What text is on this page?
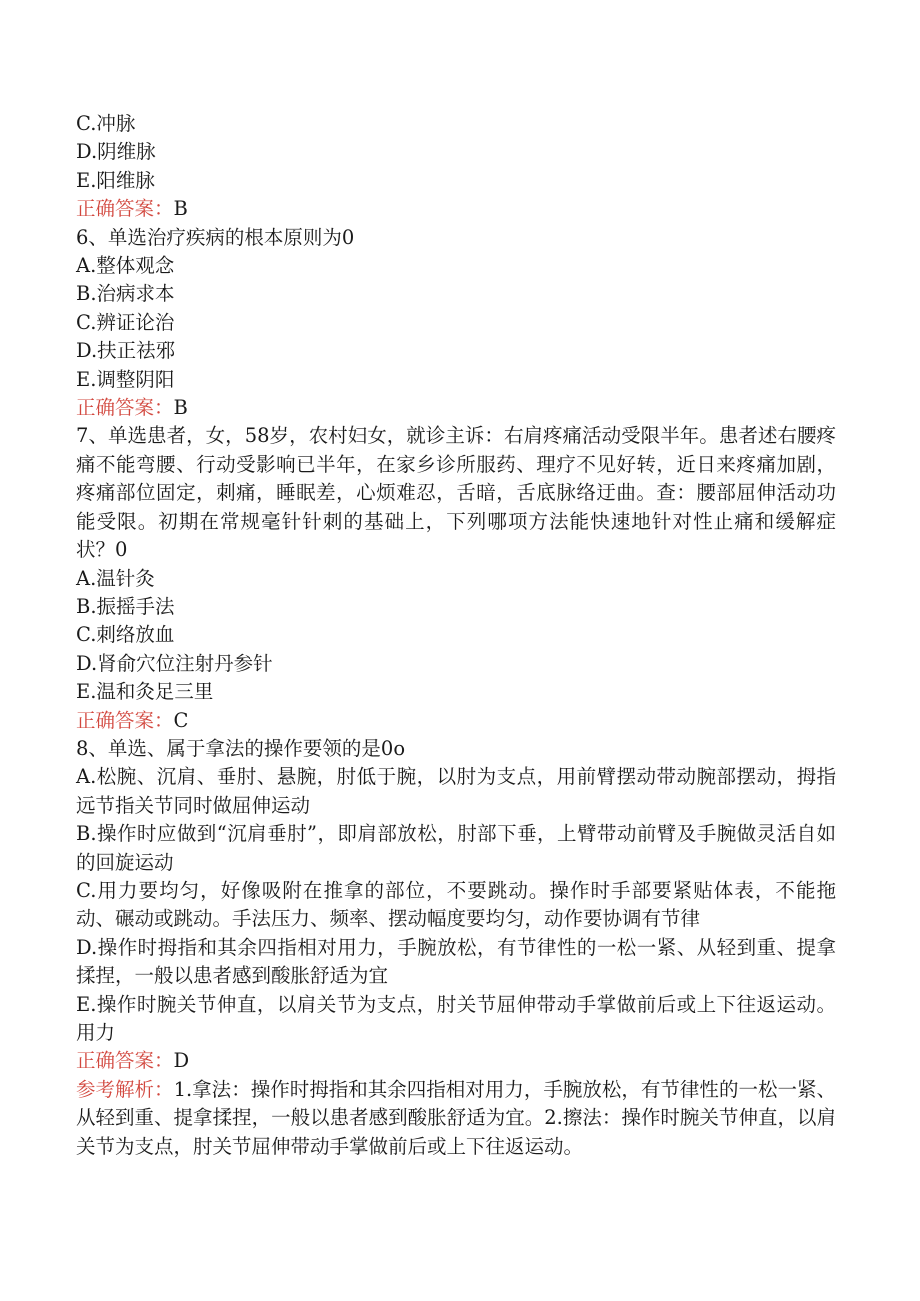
C.冲脉
D.阴维脉
E.阳维脉
正确答案：B
6、单选治疗疾病的根本原则为0
A.整体观念
B.治病求本
C.辨证论治
D.扶正祛邪
E.调整阴阳
正确答案：B
7、单选患者，女，58岁，农村妇女，就诊主诉：右肩疼痛活动受限半年。患者述右腰疼痛不能弯腰、行动受影响已半年，在家乡诊所服药、理疗不见好转，近日来疼痛加剧，疼痛部位固定，刺痛，睡眠差，心烦难忍，舌暗，舌底脉络迂曲。查：腰部屈伸活动功能受限。初期在常规毫针针刺的基础上，下列哪项方法能快速地针对性止痛和缓解症状？0
A.温针灸
B.振摇手法
C.刺络放血
D.肾俞穴位注射丹参针
E.温和灸足三里
正确答案：C
8、单选、属于拿法的操作要领的是0o
A.松腕、沉肩、垂肘、悬腕，肘低于腕，以肘为支点，用前臂摆动带动腕部摆动，拇指远节指关节同时做屈伸运动
B.操作时应做到“沉肩垂肘”，即肩部放松，肘部下垂，上臂带动前臂及手腕做灵活自如的回旋运动
C.用力要均匀，好像吸附在推拿的部位，不要跳动。操作时手部要紧贴体表，不能拖动、碾动或跳动。手法压力、频率、摆动幅度要均匀，动作要协调有节律
D.操作时拇指和其余四指相对用力，手腕放松，有节律性的一松一紧、从轻到重、提拿揉捏，一般以患者感到酸胀舒适为宜
E.操作时腕关节伸直，以肩关节为支点，肘关节屈伸带动手掌做前后或上下往返运动。用力
正确答案：D
参考解析：1.拿法：操作时拇指和其余四指相对用力，手腕放松，有节律性的一松一紧、从轻到重、提拿揉捏，一般以患者感到酸胀舒适为宜。2.擦法：操作时腕关节伸直，以肩关节为支点，肘关节屈伸带动手掌做前后或上下往返运动。
